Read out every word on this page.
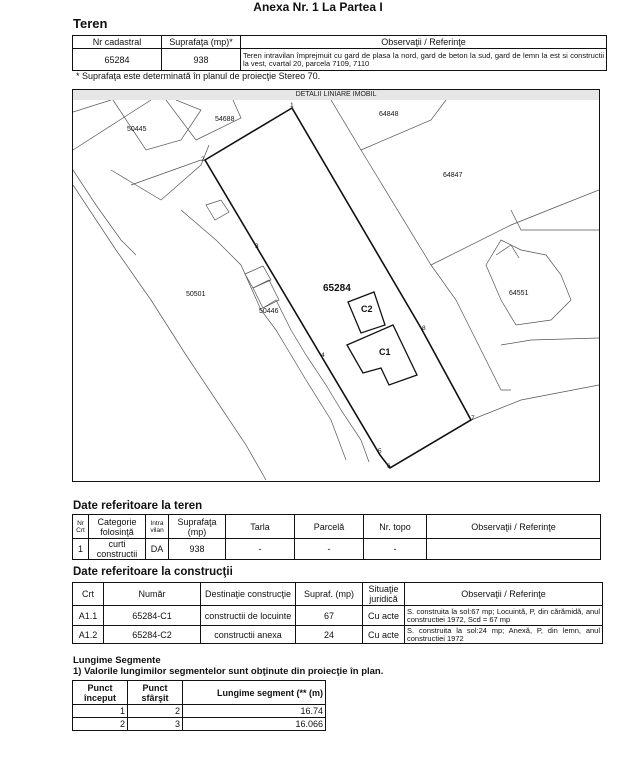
Anexa Nr. 1 La Partea I
Teren
Nr cadastral	Suprafaţa (mp)*	Observaţii / Referinţe
65284	938	Teren intravilan împrejmuit cu gard de plasa la nord, gard de beton la sud, gard de lemn la est si constructii la vest, cvartal 20, parcela 7109, 7110
* Suprafaţa este determinată în planul de proiecţie Stereo 70.
DETALII LINIARE IMOBIL
50445
54688
64848
64847
50501
50446
64551
65284
C2
C1
1
2
3
4
5
6
7
8
Date referitoare la teren
Nr Crt	Categorie folosinţă	Intra vilan	Suprafaţa (mp)	Tarla	Parcelă	Nr. topo	Observaţii / Referinţe
1	curti constructii	DA	938	-	-	-	
Date referitoare la construcţii
Crt	Număr	Destinaţie construcţie	Supraf. (mp)	Situaţie juridică	Observaţii / Referinţe
A1.1	65284-C1	constructii de locuinte	67	Cu acte	S. construita la sol:67 mp; Locuintă, P, din cărămidă, anul constructiei 1972, Scd = 67 mp
A1.2	65284-C2	constructii anexa	24	Cu acte	S. construita la sol:24 mp; Anexă, P, din lemn, anul constructiei 1972
Lungime Segmente
1) Valorile lungimilor segmentelor sunt obţinute din proiecţie în plan.
Punct început	Punct sfârşit	Lungime segment (** (m)
1	2	16.74
2	3	16.066
